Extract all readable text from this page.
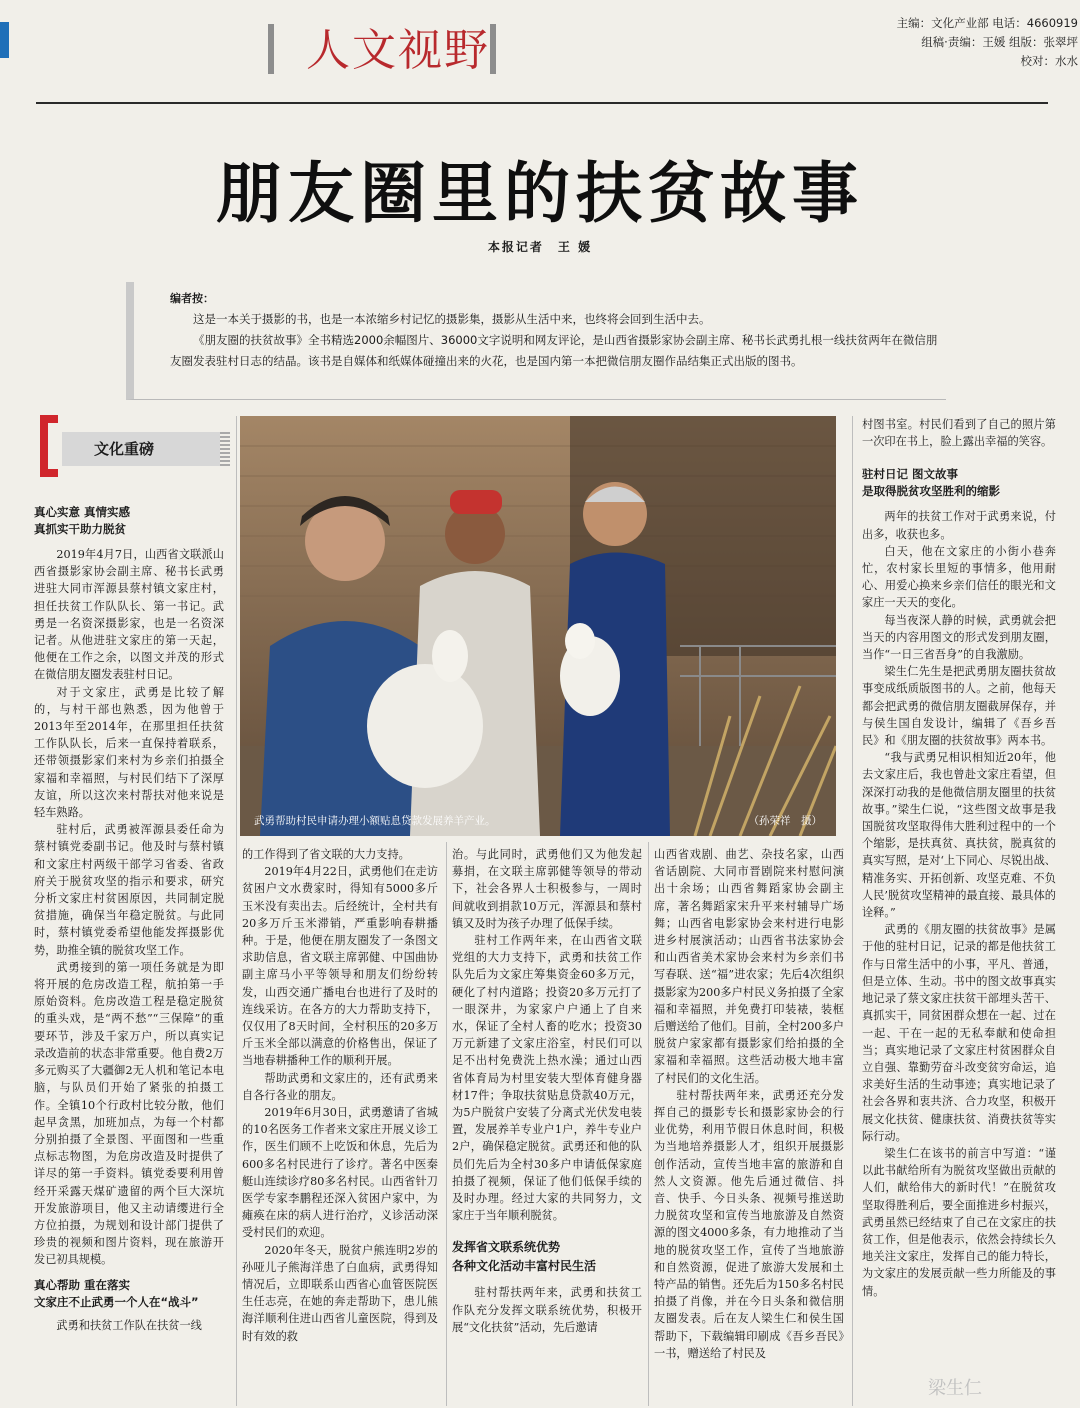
人文视野
主编：文化产业部 电话：4660919
组稿·责编：王媛 组版：张翠坪
校对：水水
朋友圈里的扶贫故事
本报记者　王 媛
编者按：

这是一本关于摄影的书，也是一本浓缩乡村记忆的摄影集，摄影从生活中来，也终将会回到生活中去。

《朋友圈的扶贫故事》全书精选2000余幅图片、36000文字说明和网友评论，是山西省摄影家协会副主席、秘书长武勇扎根一线扶贫两年在微信朋友圈发表驻村日志的结晶。该书是自媒体和纸媒体碰撞出来的火花，也是国内第一本把微信朋友圈作品结集正式出版的图书。

文化重磅
真心实意 真情实感
真抓实干助力脱贫

2019年4月7日，山西省文联派山西省摄影家协会副主席、秘书长武勇进驻大同市浑源县蔡村镇文家庄村，担任扶贫工作队队长、第一书记。武勇是一名资深摄影家，也是一名资深记者。从他进驻文家庄的第一天起，他便在工作之余，以图文并茂的形式在微信朋友圈发表驻村日记。

对于文家庄，武勇是比较了解的，与村干部也熟悉，因为他曾于2013年至2014年，在那里担任扶贫工作队队长，后来一直保持着联系，还带领摄影家们来村为乡亲们拍摄全家福和幸福照，与村民们结下了深厚友谊，所以这次来村帮扶对他来说是轻车熟路。

驻村后，武勇被浑源县委任命为蔡村镇党委副书记。他及时与蔡村镇和文家庄村两级干部学习省委、省政府关于脱贫攻坚的指示和要求，研究分析文家庄村贫困原因，共同制定脱贫措施，确保当年稳定脱贫。与此同时，蔡村镇党委希望他能发挥摄影优势，助推全镇的脱贫攻坚工作。

武勇接到的第一项任务就是为即将开展的危房改造工程，航拍第一手原始资料。危房改造工程是稳定脱贫的重头戏，是“两不愁”“三保障”的重要环节，涉及千家万户，所以真实记录改造前的状态非常重要。他自费2万多元购买了大疆御2无人机和笔记本电脑，与队员们开始了紧张的拍摄工作。全镇10个行政村比较分散，他们起早贪黑，加班加点，为每一个村都分别拍摄了全景图、平面图和一些重点标志物图，为危房改造及时提供了详尽的第一手资料。镇党委要利用曾经开采露天煤矿遗留的两个巨大深坑开发旅游项目，他又主动请缨进行全方位拍摄，为规划和设计部门提供了珍贵的视频和图片资料，现在旅游开发已初具规模。

真心帮助 重在落实
文家庄不止武勇一个人在“战斗”

武勇和扶贫工作队在扶贫一线

武勇帮助村民申请办理小额贴息贷款发展养羊产业。	（孙荣祥　摄）

的工作得到了省文联的大力支持。

2019年4月22日，武勇他们在走访贫困户文水费家时，得知有5000多斤玉米没有卖出去。后经统计，全村共有20多万斤玉米滞销，严重影响春耕播种。于是，他便在朋友圈发了一条图文求助信息，省文联主席郭健、中国曲协副主席马小平等领导和朋友们纷纷转发，山西交通广播电台也进行了及时的连线采访。在各方的大力帮助支持下，仅仅用了8天时间，全村积压的20多万斤玉米全部以满意的价格售出，保证了当地春耕播种工作的顺利开展。

帮助武勇和文家庄的，还有武勇来自各行各业的朋友。

2019年6月30日，武勇邀请了省城的10名医务工作者来文家庄开展义诊工作，医生们顾不上吃饭和休息，先后为600多名村民进行了诊疗。著名中医秦艇山连续诊疗80多名村民。山西省针刀医学专家李鹏程还深入贫困户家中，为瘫痪在床的病人进行治疗，义诊活动深受村民们的欢迎。

2020年冬天，脱贫户熊连明2岁的孙哑儿子熊海洋患了白血病，武勇得知情况后，立即联系山西省心血管医院医生任志亮，在她的奔走帮助下，患儿熊海洋顺利住进山西省儿童医院，得到及时有效的救

治。与此同时，武勇他们又为他发起募捐，在文联主席郭健等领导的带动下，社会各界人士积极参与，一周时间就收到捐款10万元，浑源县和蔡村镇又及时为孩子办理了低保手续。

驻村工作两年来，在山西省文联党组的大力支持下，武勇和扶贫工作队先后为文家庄筹集资金60多万元，硬化了村内道路；投资20多万元打了一眼深井，为家家户户通上了自来水，保证了全村人畜的吃水；投资30万元新建了文家庄浴室，村民们可以足不出村免费洗上热水澡；通过山西省体育局为村里安装大型体育健身器材17件；争取扶贫贴息贷款40万元，为5户脱贫户安装了分离式光伏发电装置，发展养羊专业户1户，养牛专业户2户，确保稳定脱贫。武勇还和他的队员们先后为全村30多户申请低保家庭拍摄了视频，保证了他们低保手续的及时办理。经过大家的共同努力，文家庄于当年顺利脱贫。

发挥省文联系统优势
各种文化活动丰富村民生活

驻村帮扶两年来，武勇和扶贫工作队充分发挥文联系统优势，积极开展“文化扶贫”活动，先后邀请

山西省戏剧、曲艺、杂技名家，山西省话剧院、大同市晋剧院来村慰问演出十余场；山西省舞蹈家协会副主席，著名舞蹈家宋升平来村辅导广场舞；山西省电影家协会来村进行电影进乡村展演活动；山西省书法家协会和山西省美术家协会来村为乡亲们书写春联、送“福”进农家；先后4次组织摄影家为200多户村民义务拍摄了全家福和幸福照，并免费打印装裱，装框后赠送给了他们。目前，全村200多户脱贫户家家都有摄影家们给拍摄的全家福和幸福照。这些活动极大地丰富了村民们的文化生活。

驻村帮扶两年来，武勇还充分发挥自己的摄影专长和摄影家协会的行业优势，利用节假日休息时间，积极为当地培养摄影人才，组织开展摄影创作活动，宣传当地丰富的旅游和自然人文资源。他先后通过微信、抖音、快手、今日头条、视频号推送助力脱贫攻坚和宣传当地旅游及自然资源的图文4000多条，有力地推动了当地的脱贫攻坚工作，宣传了当地旅游和自然资源，促进了旅游大发展和土特产品的销售。还先后为150多名村民拍摄了肖像，并在今日头条和微信朋友圈发表。后在友人梁生仁和侯生国帮助下，下载编辑印刷成《吾乡吾民》一书，赠送给了村民及

村图书室。村民们看到了自己的照片第一次印在书上，脸上露出幸福的笑容。

驻村日记 图文故事
是取得脱贫攻坚胜利的缩影

两年的扶贫工作对于武勇来说，付出多，收获也多。

白天，他在文家庄的小街小巷奔忙，农村家长里短的事情多，他用耐心、用爱心换来乡亲们信任的眼光和文家庄一天天的变化。

每当夜深人静的时候，武勇就会把当天的内容用图文的形式发到朋友圈，当作“一日三省吾身”的自我激励。

梁生仁先生是把武勇朋友圈扶贫故事变成纸质版图书的人。之前，他每天都会把武勇的微信朋友圈截屏保存，并与侯生国自发设计，编辑了《吾乡吾民》和《朋友圈的扶贫故事》两本书。

“我与武勇兄相识相知近20年，他去文家庄后，我也曾赴文家庄看望，但深深打动我的是他微信朋友圈里的扶贫故事。”梁生仁说，“这些图文故事是我国脱贫攻坚取得伟大胜利过程中的一个个缩影，是扶真贫、真扶贫，脱真贫的真实写照，是对‘上下同心、尽锐出战、精准务实、开拓创新、攻坚克难、不负人民’脱贫攻坚精神的最直接、最具体的诠释。”

武勇的《朋友圈的扶贫故事》是属于他的驻村日记，记录的都是他扶贫工作与日常生活中的小事，平凡、普通，但是立体、生动。书中的图文故事真实地记录了蔡文家庄扶贫干部埋头苦干、真抓实干，同贫困群众想在一起、过在一起、干在一起的无私奉献和使命担当；真实地记录了文家庄村贫困群众自立自强、靠勤劳奋斗改变贫穷命运，追求美好生活的生动事迹；真实地记录了社会各界和衷共济、合力攻坚，积极开展文化扶贫、健康扶贫、消费扶贫等实际行动。

梁生仁在该书的前言中写道：“谨以此书献给所有为脱贫攻坚做出贡献的人们，献给伟大的新时代！”在脱贫攻坚取得胜利后，要全面推进乡村振兴，武勇虽然已经结束了自己在文家庄的扶贫工作，但是他表示，依然会持续长久地关注文家庄，发挥自己的能力特长，为文家庄的发展贡献一些力所能及的事情。

梁生仁
